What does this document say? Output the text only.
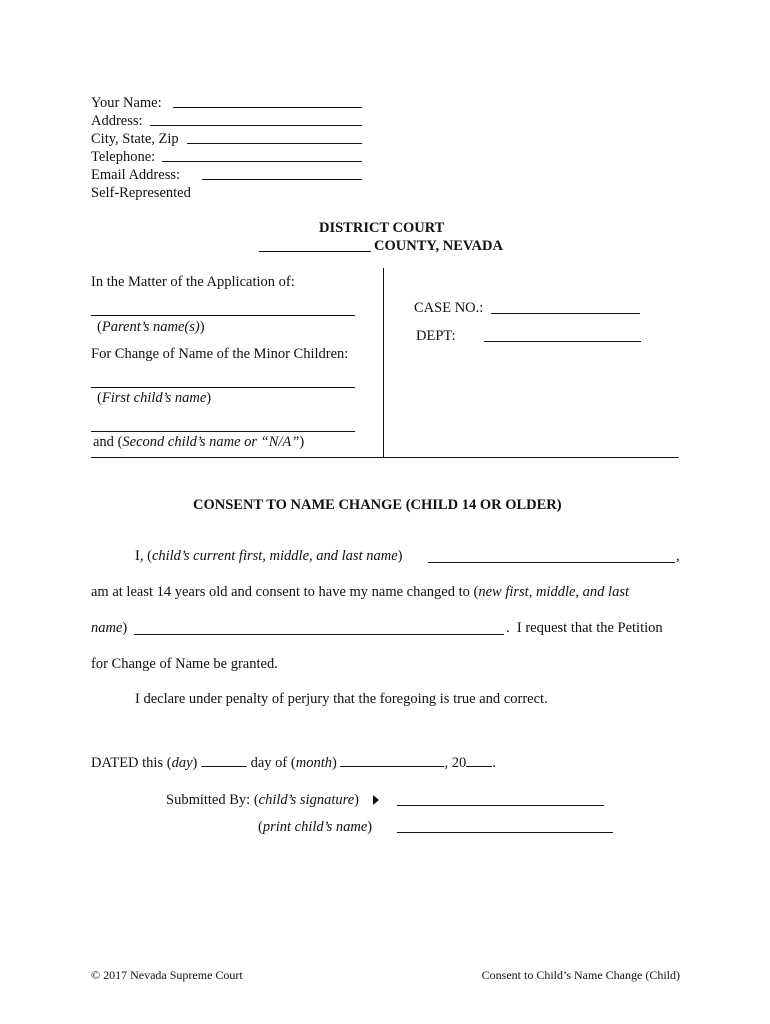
Your Name:
Address:
City, State, Zip
Telephone:
Email Address:
Self-Represented
DISTRICT COURT
COUNTY, NEVADA
In the Matter of the Application of:
(Parent’s name(s))
For Change of Name of the Minor Children:
(First child’s name)
and (Second child’s name or “N/A”)
CASE NO.:
DEPT:
CONSENT TO NAME CHANGE (CHILD 14 OR OLDER)
I, (child’s current first, middle, and last name)	,
am at least 14 years old and consent to have my name changed to (new first, middle, and last
name)	.  I request that the Petition
for Change of Name be granted.
I declare under penalty of perjury that the foregoing is true and correct.
DATED this (day)	day of (month)	, 20 .
Submitted By: (child’s signature)
(print child’s name)
© 2017 Nevada Supreme Court	Consent to Child’s Name Change (Child)
